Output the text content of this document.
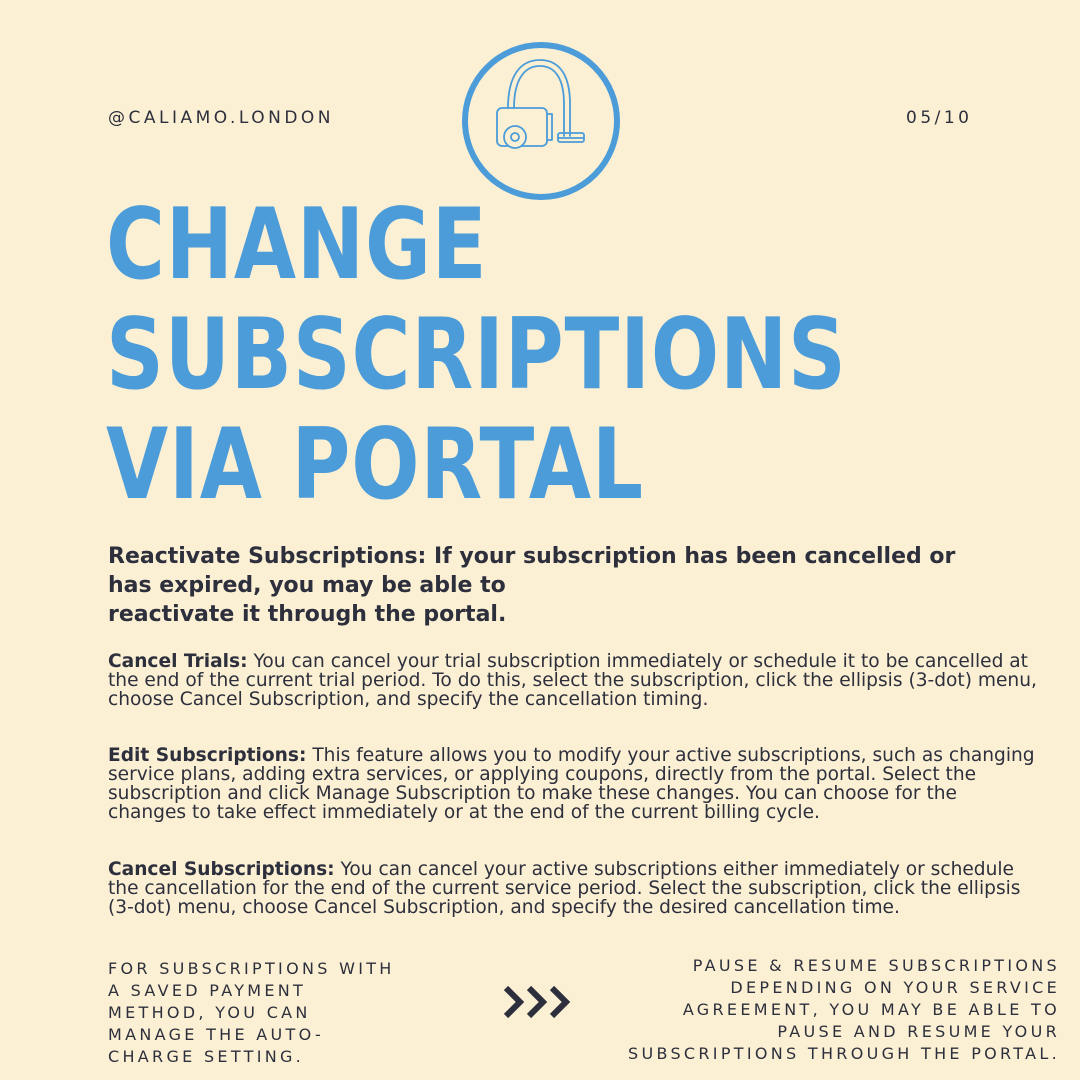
@CALIAMO.LONDON	05/10
CHANGE
SUBSCRIPTIONS
VIA PORTAL
Reactivate Subscriptions: If your subscription has been cancelled or
has expired, you may be able to
reactivate it through the portal.
Cancel Trials: You can cancel your trial subscription immediately or schedule it to be cancelled at the end of the current trial period. To do this, select the subscription, click the ellipsis (3-dot) menu, choose Cancel Subscription, and specify the cancellation timing.
Edit Subscriptions: This feature allows you to modify your active subscriptions, such as changing service plans, adding extra services, or applying coupons, directly from the portal. Select the subscription and click Manage Subscription to make these changes. You can choose for the changes to take effect immediately or at the end of the current billing cycle.
Cancel Subscriptions: You can cancel your active subscriptions either immediately or schedule the cancellation for the end of the current service period. Select the subscription, click the ellipsis (3-dot) menu, choose Cancel Subscription, and specify the desired cancellation time.
FOR SUBSCRIPTIONS WITH
A SAVED PAYMENT
METHOD, YOU CAN
MANAGE THE AUTO-
CHARGE SETTING.
PAUSE & RESUME SUBSCRIPTIONS
DEPENDING ON YOUR SERVICE
AGREEMENT, YOU MAY BE ABLE TO
PAUSE AND RESUME YOUR
SUBSCRIPTIONS THROUGH THE PORTAL.
